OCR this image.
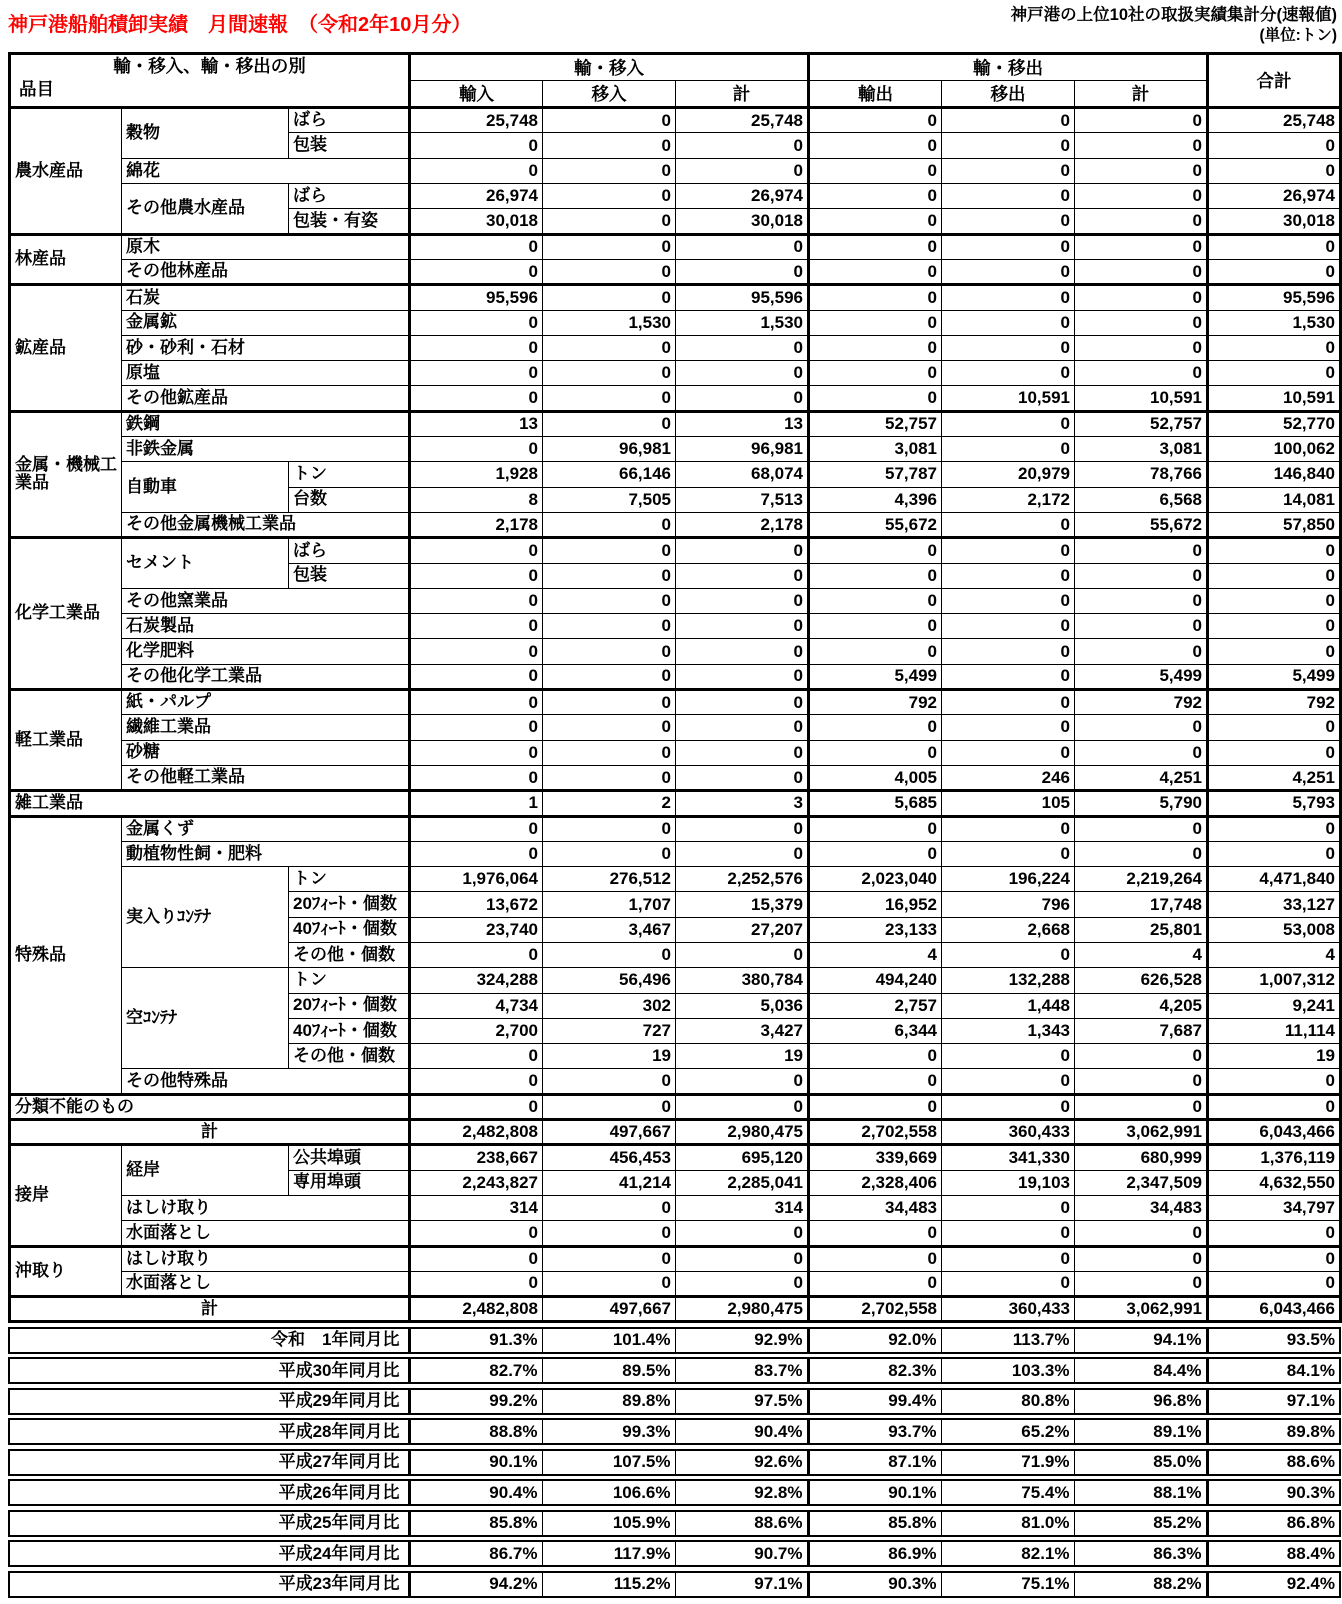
神戸港船舶積卸実績　月間速報　（令和2年10月分）	神戸港の上位10社の取扱実績集計分(速報値)
(単位:トン)
輸・移入、輸・移出の別
品目			輸・移入			輸・移出			合計
			輸入	移入	計	輸出	移出	計	
農水産品	穀物	ばら	25,748	0	25,748	0	0	0	25,748
		包装	0	0	0	0	0	0	0
	綿花		0	0	0	0	0	0	0
	その他農水産品	ばら	26,974	0	26,974	0	0	0	26,974
		包装・有姿	30,018	0	30,018	0	0	0	30,018
林産品	原木		0	0	0	0	0	0	0
	その他林産品		0	0	0	0	0	0	0
鉱産品	石炭		95,596	0	95,596	0	0	0	95,596
	金属鉱		0	1,530	1,530	0	0	0	1,530
	砂・砂利・石材		0	0	0	0	0	0	0
	原塩		0	0	0	0	0	0	0
	その他鉱産品		0	0	0	0	10,591	10,591	10,591
金属・機械工業品	鉄鋼		13	0	13	52,757	0	52,757	52,770
	非鉄金属		0	96,981	96,981	3,081	0	3,081	100,062
	自動車	トン	1,928	66,146	68,074	57,787	20,979	78,766	146,840
		台数	8	7,505	7,513	4,396	2,172	6,568	14,081
	その他金属機械工業品		2,178	0	2,178	55,672	0	55,672	57,850
化学工業品	セメント	ばら	0	0	0	0	0	0	0
		包装	0	0	0	0	0	0	0
	その他窯業品		0	0	0	0	0	0	0
	石炭製品		0	0	0	0	0	0	0
	化学肥料		0	0	0	0	0	0	0
	その他化学工業品		0	0	0	5,499	0	5,499	5,499
軽工業品	紙・パルプ		0	0	0	792	0	792	792
	繊維工業品		0	0	0	0	0	0	0
	砂糖		0	0	0	0	0	0	0
	その他軽工業品		0	0	0	4,005	246	4,251	4,251
雑工業品			1	2	3	5,685	105	5,790	5,793
特殊品	金属くず		0	0	0	0	0	0	0
	動植物性飼・肥料		0	0	0	0	0	0	0
	実入りｺﾝﾃﾅ	トン	1,976,064	276,512	2,252,576	2,023,040	196,224	2,219,264	4,471,840
		20ﾌｨｰﾄ・個数	13,672	1,707	15,379	16,952	796	17,748	33,127
		40ﾌｨｰﾄ・個数	23,740	3,467	27,207	23,133	2,668	25,801	53,008
		その他・個数	0	0	0	4	0	4	4
	空ｺﾝﾃﾅ	トン	324,288	56,496	380,784	494,240	132,288	626,528	1,007,312
		20ﾌｨｰﾄ・個数	4,734	302	5,036	2,757	1,448	4,205	9,241
		40ﾌｨｰﾄ・個数	2,700	727	3,427	6,344	1,343	7,687	11,114
		その他・個数	0	19	19	0	0	0	19
	その他特殊品		0	0	0	0	0	0	0
分類不能のもの			0	0	0	0	0	0	0
計			2,482,808	497,667	2,980,475	2,702,558	360,433	3,062,991	6,043,466
接岸	経岸	公共埠頭	238,667	456,453	695,120	339,669	341,330	680,999	1,376,119
		専用埠頭	2,243,827	41,214	2,285,041	2,328,406	19,103	2,347,509	4,632,550
	はしけ取り		314	0	314	34,483	0	34,483	34,797
	水面落とし		0	0	0	0	0	0	0
沖取り	はしけ取り		0	0	0	0	0	0	0
	水面落とし		0	0	0	0	0	0	0
計			2,482,808	497,667	2,980,475	2,702,558	360,433	3,062,991	6,043,466
令和　1年同月比	91.3%	101.4%	92.9%	92.0%	113.7%	94.1%	93.5%
平成30年同月比	82.7%	89.5%	83.7%	82.3%	103.3%	84.4%	84.1%
平成29年同月比	99.2%	89.8%	97.5%	99.4%	80.8%	96.8%	97.1%
平成28年同月比	88.8%	99.3%	90.4%	93.7%	65.2%	89.1%	89.8%
平成27年同月比	90.1%	107.5%	92.6%	87.1%	71.9%	85.0%	88.6%
平成26年同月比	90.4%	106.6%	92.8%	90.1%	75.4%	88.1%	90.3%
平成25年同月比	85.8%	105.9%	88.6%	85.8%	81.0%	85.2%	86.8%
平成24年同月比	86.7%	117.9%	90.7%	86.9%	82.1%	86.3%	88.4%
平成23年同月比	94.2%	115.2%	97.1%	90.3%	75.1%	88.2%	92.4%
